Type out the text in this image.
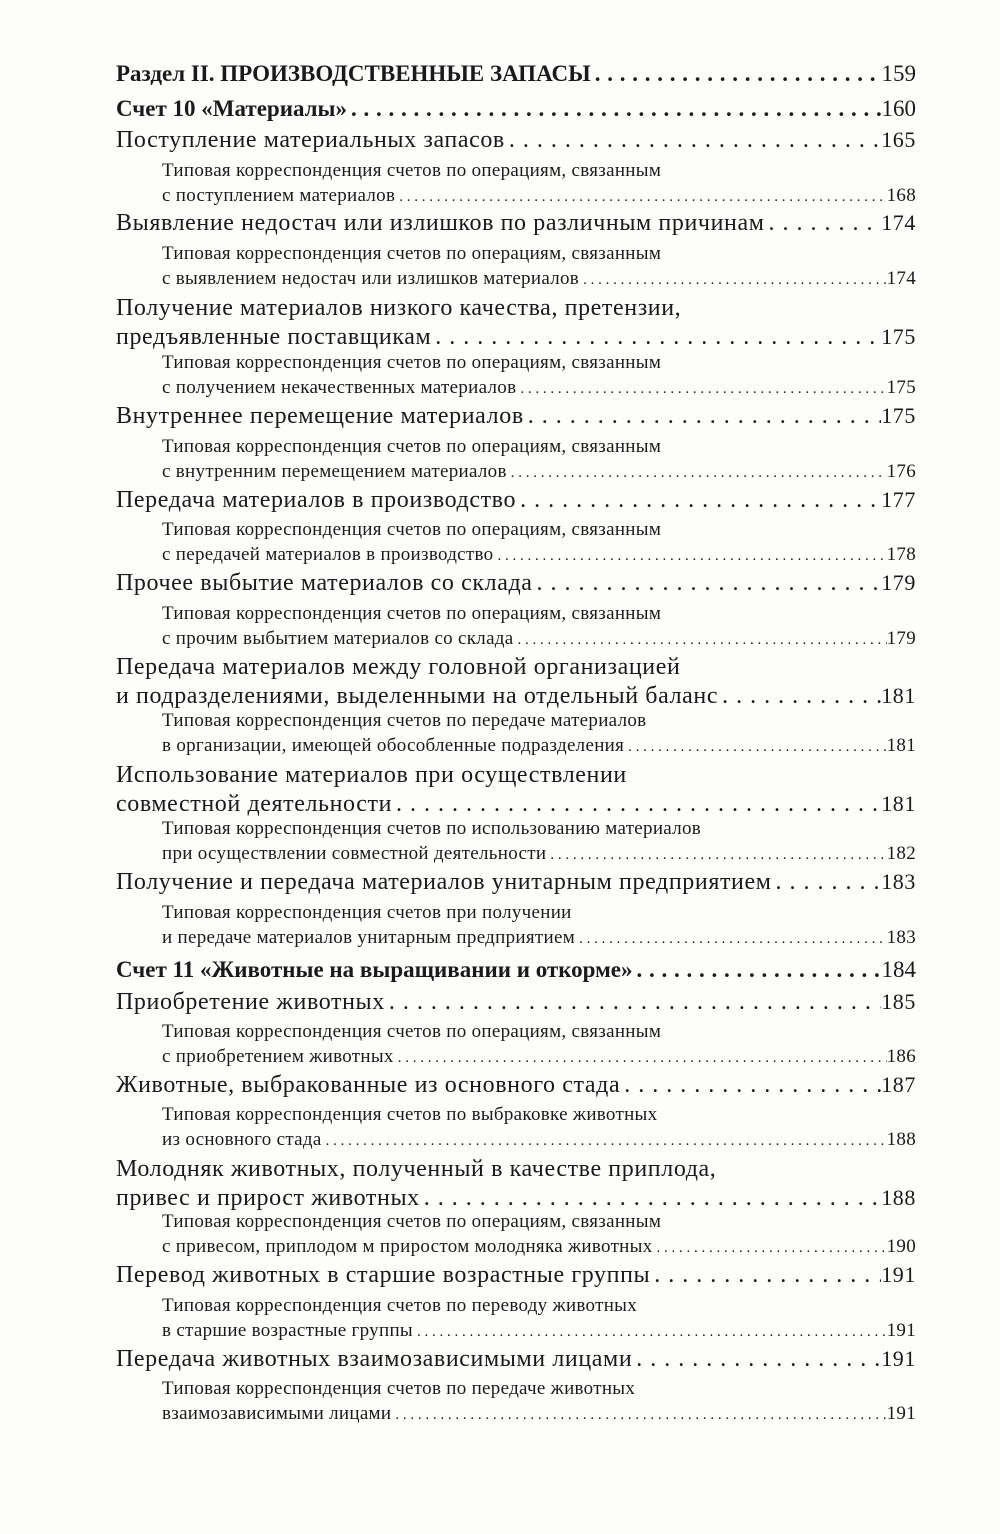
Раздел II. ПРОИЗВОДСТВЕННЫЕ ЗАПАСЫ . . .	159
Счет 10 «Материалы» . . .	160
Поступление материальных запасов . . .	165
Типовая корреспонденция счетов по операциям, связанным
с поступлением материалов . . .	168
Выявление недостач или излишков по различным причинам . . .	174
Типовая корреспонденция счетов по операциям, связанным
с выявлением недостач или излишков материалов . . .	174
Получение материалов низкого качества, претензии,
предъявленные поставщикам . . .	175
Типовая корреспонденция счетов по операциям, связанным
с получением некачественных материалов . . .	175
Внутреннее перемещение материалов . . .	175
Типовая корреспонденция счетов по операциям, связанным
с внутренним перемещением материалов . . .	176
Передача материалов в производство . . .	177
Типовая корреспонденция счетов по операциям, связанным
с передачей материалов в производство . . .	178
Прочее выбытие материалов со склада . . .	179
Типовая корреспонденция счетов по операциям, связанным
с прочим выбытием материалов со склада . . .	179
Передача материалов между головной организацией
и подразделениями, выделенными на отдельный баланс . . .	181
Типовая корреспонденция счетов по передаче материалов
в организации, имеющей обособленные подразделения . . .	181
Использование материалов при осуществлении
совместной деятельности . . .	181
Типовая корреспонденция счетов по использованию материалов
при осуществлении совместной деятельности . . .	182
Получение и передача материалов унитарным предприятием . . .	183
Типовая корреспонденция счетов при получении
и передаче материалов унитарным предприятием . . .	183
Счет 11 «Животные на выращивании и откорме» . . .	184
Приобретение животных . . .	185
Типовая корреспонденция счетов по операциям, связанным
с приобретением животных . . .	186
Животные, выбракованные из основного стада . . .	187
Типовая корреспонденция счетов по выбраковке животных
из основного стада . . .	188
Молодняк животных, полученный в качестве приплода,
привес и прирост животных . . .	188
Типовая корреспонденция счетов по операциям, связанным
с привесом, приплодом м приростом молодняка животных . . .	190
Перевод животных в старшие возрастные группы . . .	191
Типовая корреспонденция счетов по переводу животных
в старшие возрастные группы . . .	191
Передача животных взаимозависимыми лицами . . .	191
Типовая корреспонденция счетов по передаче животных
взаимозависимыми лицами . . .	191
